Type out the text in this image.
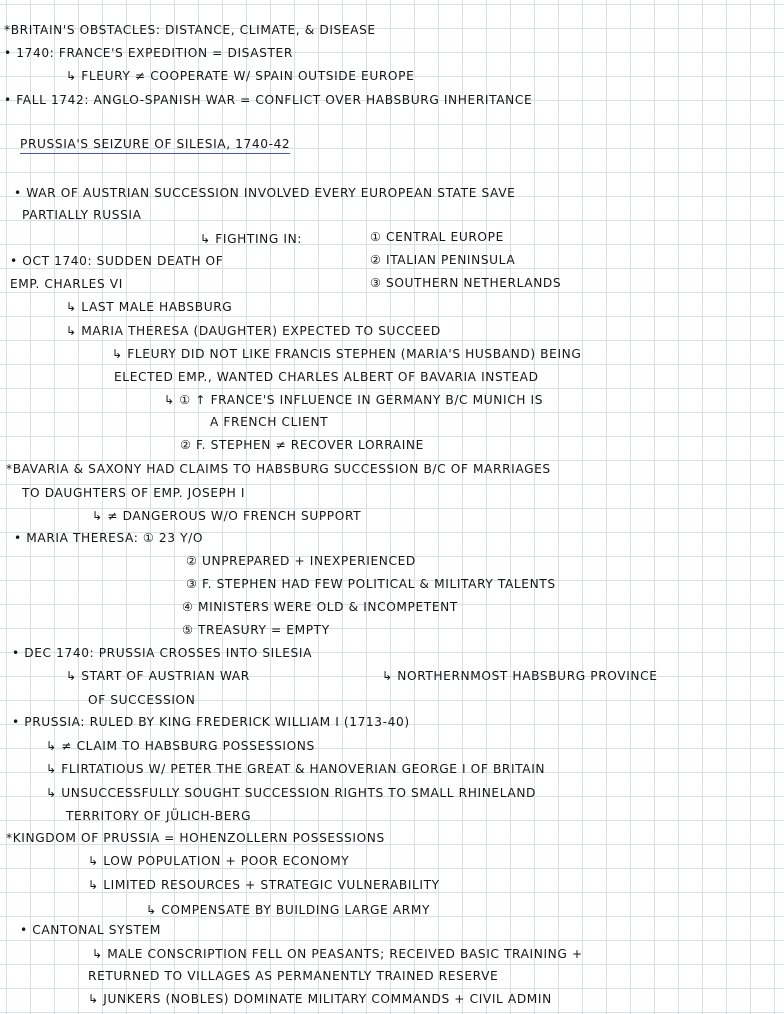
*BRITAIN'S OBSTACLES: DISTANCE, CLIMATE, & DISEASE
• 1740: FRANCE'S EXPEDITION = DISASTER
↳ FLEURY ≠ COOPERATE W/ SPAIN OUTSIDE EUROPE
• FALL 1742: ANGLO-SPANISH WAR = CONFLICT OVER HABSBURG INHERITANCE
PRUSSIA'S SEIZURE OF SILESIA, 1740-42
• WAR OF AUSTRIAN SUCCESSION INVOLVED EVERY EUROPEAN STATE SAVE
PARTIALLY RUSSIA
↳ FIGHTING IN:	① CENTRAL EUROPE
• OCT 1740: SUDDEN DEATH OF	② ITALIAN PENINSULA
EMP. CHARLES VI	③ SOUTHERN NETHERLANDS
↳ LAST MALE HABSBURG
↳ MARIA THERESA (DAUGHTER) EXPECTED TO SUCCEED
↳ FLEURY DID NOT LIKE FRANCIS STEPHEN (MARIA'S HUSBAND) BEING
ELECTED EMP., WANTED CHARLES ALBERT OF BAVARIA INSTEAD
↳ ① ↑ FRANCE'S INFLUENCE IN GERMANY B/C MUNICH IS
A FRENCH CLIENT
② F. STEPHEN ≠ RECOVER LORRAINE
*BAVARIA & SAXONY HAD CLAIMS TO HABSBURG SUCCESSION B/C OF MARRIAGES
TO DAUGHTERS OF EMP. JOSEPH I
↳ ≠ DANGEROUS W/O FRENCH SUPPORT
• MARIA THERESA: ① 23 Y/O
② UNPREPARED + INEXPERIENCED
③ F. STEPHEN HAD FEW POLITICAL & MILITARY TALENTS
④ MINISTERS WERE OLD & INCOMPETENT
⑤ TREASURY = EMPTY
• DEC 1740: PRUSSIA CROSSES INTO SILESIA
↳ START OF AUSTRIAN WAR	↳ NORTHERNMOST HABSBURG PROVINCE
OF SUCCESSION
• PRUSSIA: RULED BY KING FREDERICK WILLIAM I (1713-40)
↳ ≠ CLAIM TO HABSBURG POSSESSIONS
↳ FLIRTATIOUS W/ PETER THE GREAT & HANOVERIAN GEORGE I OF BRITAIN
↳ UNSUCCESSFULLY SOUGHT SUCCESSION RIGHTS TO SMALL RHINELAND
TERRITORY OF JÜLICH-BERG
*KINGDOM OF PRUSSIA = HOHENZOLLERN POSSESSIONS
↳ LOW POPULATION + POOR ECONOMY
↳ LIMITED RESOURCES + STRATEGIC VULNERABILITY
↳ COMPENSATE BY BUILDING LARGE ARMY
• CANTONAL SYSTEM
↳ MALE CONSCRIPTION FELL ON PEASANTS; RECEIVED BASIC TRAINING +
RETURNED TO VILLAGES AS PERMANENTLY TRAINED RESERVE
↳ JUNKERS (NOBLES) DOMINATE MILITARY COMMANDS + CIVIL ADMIN
